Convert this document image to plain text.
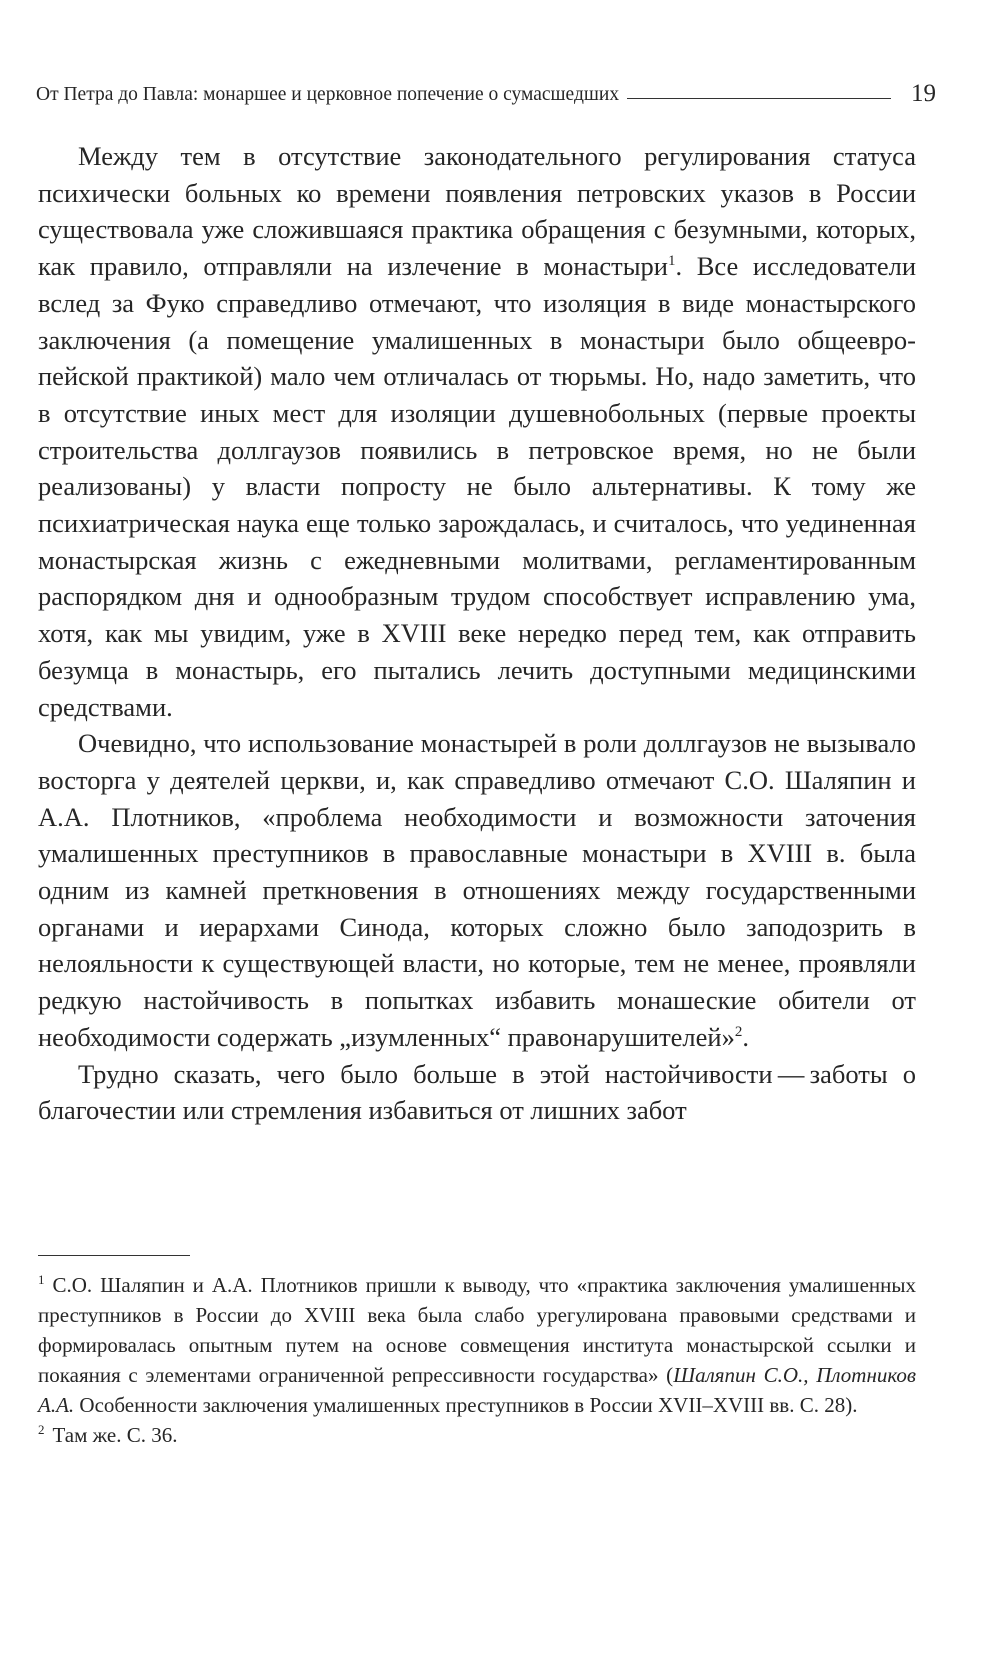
От Петра до Павла: монаршее и церковное попечение о сумасшедших	19

Между тем в отсутствие законодательного регулирования статуса психически больных ко времени появления петровских указов в России существовала уже сложившаяся практика обращения с безумными, которых, как правило, отправляли на излечение в монастыри$^1$. Все исследователи вслед за Фуко справедливо отмечают, что изоляция в виде монастырского заключения (а помещение умалишенных в монастыри было общеевропейской практикой) мало чем отличалась от тюрьмы. Но, надо заметить, что в отсутствие иных мест для изоляции душевнобольных (первые проекты строительства доллгаузов появились в петровское время, но не были реализованы) у власти попросту не было альтернативы. К тому же психиатрическая наука еще только зарождалась, и считалось, что уединенная монастырская жизнь с ежедневными молитвами, регламентированным распорядком дня и однообразным трудом способствует исправлению ума, хотя, как мы увидим, уже в XVIII веке нередко перед тем, как отправить безумца в монастырь, его пытались лечить доступными медицинскими средствами.

Очевидно, что использование монастырей в роли доллгаузов не вызывало восторга у деятелей церкви, и, как справедливо отмечают С.О. Шаляпин и А.А. Плотников, «проблема необходимости и возможности заточения умалишенных преступников в православные монастыри в XVIII в. была одним из камней преткновения в отношениях между государственными органами и иерархами Синода, которых сложно было заподозрить в нелояльности к существующей власти, но которые, тем не менее, проявляли редкую настойчивость в попытках избавить монашеские обители от необходимости содержать „изумленных“ правонарушителей»$^2$.

Трудно сказать, чего было больше в этой настойчивости — заботы о благочестии или стремления избавиться от лишних забот

$^1$ С.О. Шаляпин и А.А. Плотников пришли к выводу, что «практика заключения умалишенных преступников в России до XVIII века была слабо урегулирована правовыми средствами и формировалась опытным путем на основе совмещения института монастырской ссылки и покаяния с элементами ограниченной репрессивности государства» (Шаляпин С.О., Плотников А.А. Особенности заключения умалишенных преступников в России XVII–XVIII вв. С. 28).

$^2$ Там же. С. 36.
